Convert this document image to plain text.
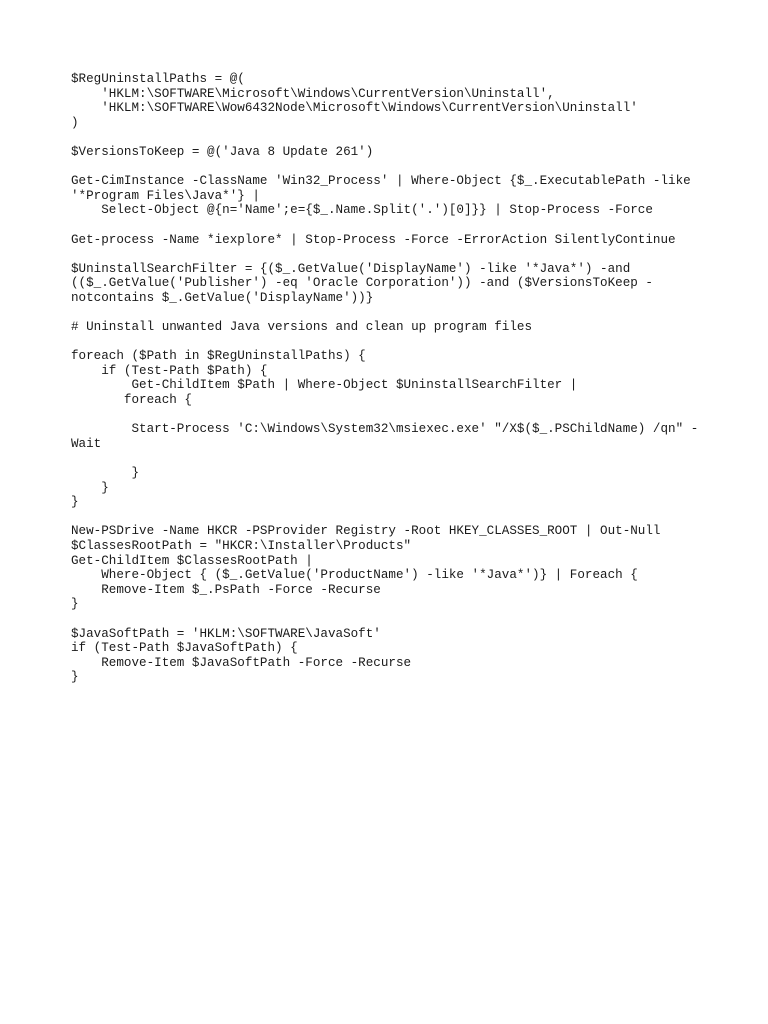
$RegUninstallPaths = @(
'HKLM:\SOFTWARE\Microsoft\Windows\CurrentVersion\Uninstall',
'HKLM:\SOFTWARE\Wow6432Node\Microsoft\Windows\CurrentVersion\Uninstall'
)
$VersionsToKeep = @('Java 8 Update 261')
Get-CimInstance -ClassName 'Win32_Process' | Where-Object {$_.ExecutablePath -like
'*Program Files\Java*'} |
Select-Object @{n='Name';e={$_.Name.Split('.')[0]}} | Stop-Process -Force
Get-process -Name *iexplore* | Stop-Process -Force -ErrorAction SilentlyContinue
$UninstallSearchFilter = {($_.GetValue('DisplayName') -like '*Java*') -and
(($_.GetValue('Publisher') -eq 'Oracle Corporation')) -and ($VersionsToKeep -
notcontains $_.GetValue('DisplayName'))}
# Uninstall unwanted Java versions and clean up program files
foreach ($Path in $RegUninstallPaths) {
if (Test-Path $Path) {
Get-ChildItem $Path | Where-Object $UninstallSearchFilter |
foreach {
Start-Process 'C:\Windows\System32\msiexec.exe' "/X$($_.PSChildName) /qn" -
Wait
}
}
}
New-PSDrive -Name HKCR -PSProvider Registry -Root HKEY_CLASSES_ROOT | Out-Null
$ClassesRootPath = "HKCR:\Installer\Products"
Get-ChildItem $ClassesRootPath |
Where-Object { ($_.GetValue('ProductName') -like '*Java*')} | Foreach {
Remove-Item $_.PsPath -Force -Recurse
}
$JavaSoftPath = 'HKLM:\SOFTWARE\JavaSoft'
if (Test-Path $JavaSoftPath) {
Remove-Item $JavaSoftPath -Force -Recurse
}
